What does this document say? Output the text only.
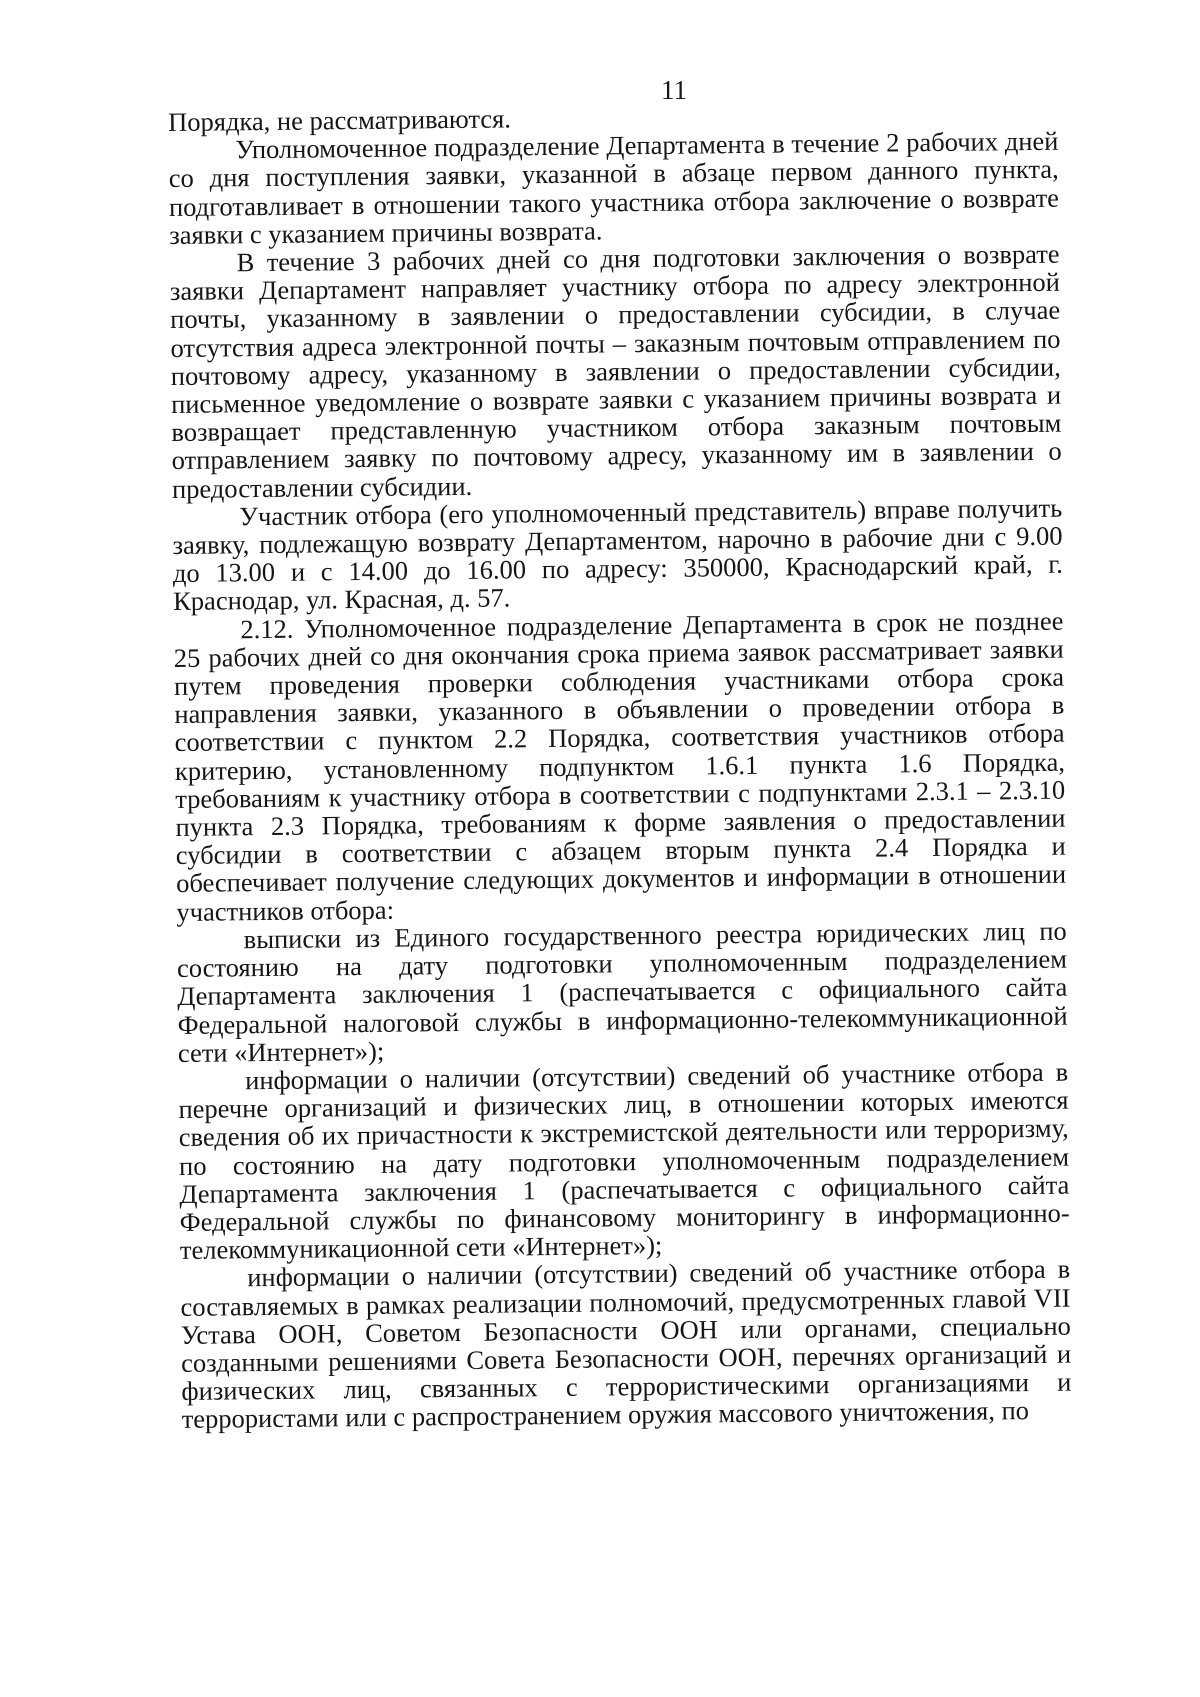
11

Порядка, не рассматриваются.

Уполномоченное подразделение Департамента в течение 2 рабочих дней со дня поступления заявки, указанной в абзаце первом данного пункта, подготавливает в отношении такого участника отбора заключение о возврате заявки с указанием причины возврата.

В течение 3 рабочих дней со дня подготовки заключения о возврате заявки Департамент направляет участнику отбора по адресу электронной почты, указанному в заявлении о предоставлении субсидии, в случае отсутствия адреса электронной почты – заказным почтовым отправлением по почтовому адресу, указанному в заявлении о предоставлении субсидии, письменное уведомление о возврате заявки с указанием причины возврата и возвращает представленную участником отбора заказным почтовым отправлением заявку по почтовому адресу, указанному им в заявлении о предоставлении субсидии.

Участник отбора (его уполномоченный представитель) вправе получить заявку, подлежащую возврату Департаментом, нарочно в рабочие дни с 9.00 до 13.00 и с 14.00 до 16.00 по адресу: 350000, Краснодарский край, г. Краснодар, ул. Красная, д. 57.

2.12. Уполномоченное подразделение Департамента в срок не позднее 25 рабочих дней со дня окончания срока приема заявок рассматривает заявки путем проведения проверки соблюдения участниками отбора срока направления заявки, указанного в объявлении о проведении отбора в соответствии с пунктом 2.2 Порядка, соответствия участников отбора критерию, установленному подпунктом 1.6.1 пункта 1.6 Порядка, требованиям к участнику отбора в соответствии с подпунктами 2.3.1 – 2.3.10 пункта 2.3 Порядка, требованиям к форме заявления о предоставлении субсидии в соответствии с абзацем вторым пункта 2.4 Порядка и обеспечивает получение следующих документов и информации в отношении участников отбора:

выписки из Единого государственного реестра юридических лиц по состоянию на дату подготовки уполномоченным подразделением Департамента заключения 1 (распечатывается с официального сайта Федеральной налоговой службы в информационно-телекоммуникационной сети «Интернет»);

информации о наличии (отсутствии) сведений об участнике отбора в перечне организаций и физических лиц, в отношении которых имеются сведения об их причастности к экстремистской деятельности или терроризму, по состоянию на дату подготовки уполномоченным подразделением Департамента заключения 1 (распечатывается с официального сайта Федеральной службы по финансовому мониторингу в информационно-телекоммуникационной сети «Интернет»);

информации о наличии (отсутствии) сведений об участнике отбора в составляемых в рамках реализации полномочий, предусмотренных главой VII Устава ООН, Советом Безопасности ООН или органами, специально созданными решениями Совета Безопасности ООН, перечнях организаций и физических лиц, связанных с террористическими организациями и террористами или с распространением оружия массового уничтожения, по
